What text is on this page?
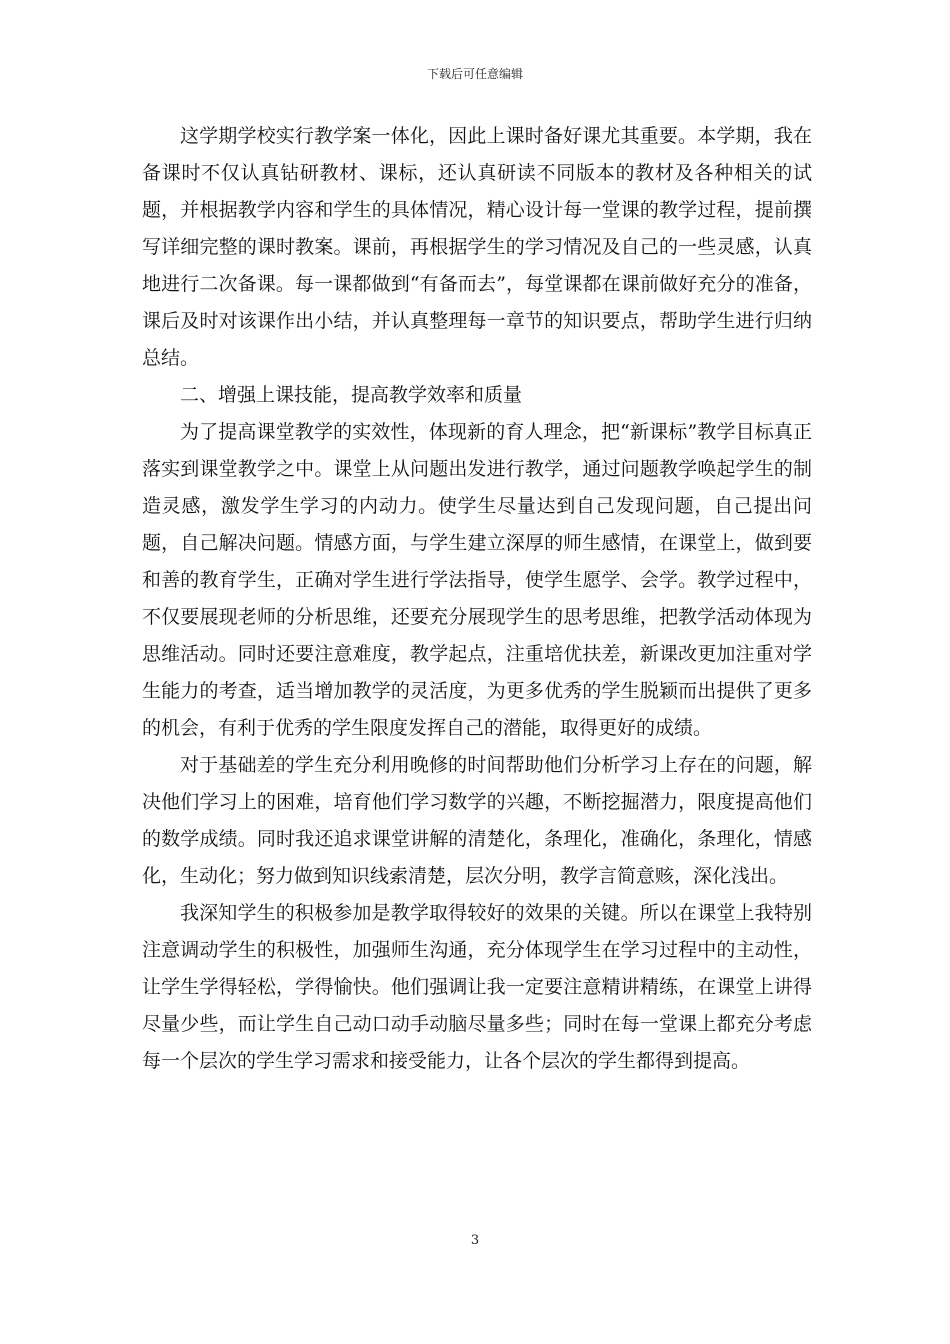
下载后可任意编辑

这学期学校实行教学案一体化，因此上课时备好课尤其重要。本学期，我在备课时不仅认真钻研教材、课标，还认真研读不同版本的教材及各种相关的试题，并根据教学内容和学生的具体情况，精心设计每一堂课的教学过程，提前撰写详细完整的课时教案。课前，再根据学生的学习情况及自己的一些灵感，认真地进行二次备课。每一课都做到“有备而去”，每堂课都在课前做好充分的准备，课后及时对该课作出小结，并认真整理每一章节的知识要点，帮助学生进行归纳总结。

二、增强上课技能，提高教学效率和质量

为了提高课堂教学的实效性，体现新的育人理念，把“新课标”教学目标真正落实到课堂教学之中。课堂上从问题出发进行教学，通过问题教学唤起学生的制造灵感，激发学生学习的内动力。使学生尽量达到自己发现问题，自己提出问题，自己解决问题。情感方面，与学生建立深厚的师生感情，在课堂上，做到要和善的教育学生，正确对学生进行学法指导，使学生愿学、会学。教学过程中，不仅要展现老师的分析思维，还要充分展现学生的思考思维，把教学活动体现为思维活动。同时还要注意难度，教学起点，注重培优扶差，新课改更加注重对学生能力的考查，适当增加教学的灵活度，为更多优秀的学生脱颖而出提供了更多的机会，有利于优秀的学生限度发挥自己的潜能，取得更好的成绩。

对于基础差的学生充分利用晚修的时间帮助他们分析学习上存在的问题，解决他们学习上的困难，培育他们学习数学的兴趣，不断挖掘潜力，限度提高他们的数学成绩。同时我还追求课堂讲解的清楚化，条理化，准确化，条理化，情感化，生动化；努力做到知识线索清楚，层次分明，教学言简意赅，深化浅出。

我深知学生的积极参加是教学取得较好的效果的关键。所以在课堂上我特别注意调动学生的积极性，加强师生沟通，充分体现学生在学习过程中的主动性，让学生学得轻松，学得愉快。他们强调让我一定要注意精讲精练，在课堂上讲得尽量少些，而让学生自己动口动手动脑尽量多些；同时在每一堂课上都充分考虑每一个层次的学生学习需求和接受能力，让各个层次的学生都得到提高。

3
